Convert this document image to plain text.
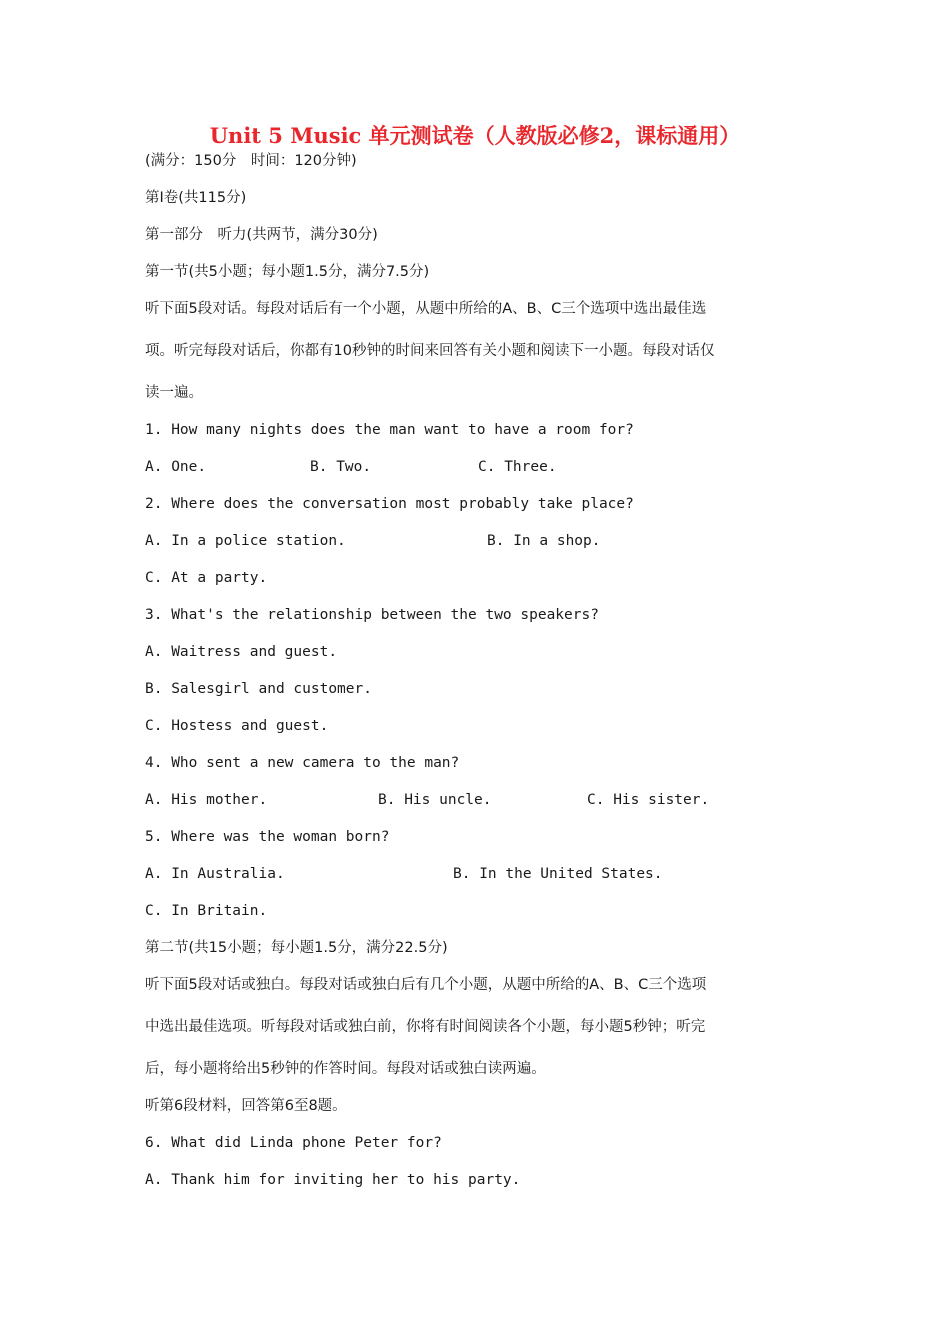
Unit 5 Music 单元测试卷（人教版必修2，课标通用）
(满分：150分　时间：120分钟)
第Ⅰ卷(共115分)
第一部分　听力(共两节，满分30分)
第一节(共5小题；每小题1.5分，满分7.5分)
听下面5段对话。每段对话后有一个小题，从题中所给的A、B、C三个选项中选出最佳选
项。听完每段对话后，你都有10秒钟的时间来回答有关小题和阅读下一小题。每段对话仅
读一遍。
1. How many nights does the man want to have a room for?
A. One.	B. Two.	C. Three.
2. Where does the conversation most probably take place?
A. In a police station.	B. In a shop.
C. At a party.
3. What's the relationship between the two speakers?
A. Waitress and guest.
B. Salesgirl and customer.
C. Hostess and guest.
4. Who sent a new camera to the man?
A. His mother.	B. His uncle.	C. His sister.
5. Where was the woman born?
A. In Australia.	B. In the United States.
C. In Britain.
第二节(共15小题；每小题1.5分，满分22.5分)
听下面5段对话或独白。每段对话或独白后有几个小题，从题中所给的A、B、C三个选项
中选出最佳选项。听每段对话或独白前，你将有时间阅读各个小题，每小题5秒钟；听完
后，每小题将给出5秒钟的作答时间。每段对话或独白读两遍。
听第6段材料，回答第6至8题。
6. What did Linda phone Peter for?
A. Thank him for inviting her to his party.
